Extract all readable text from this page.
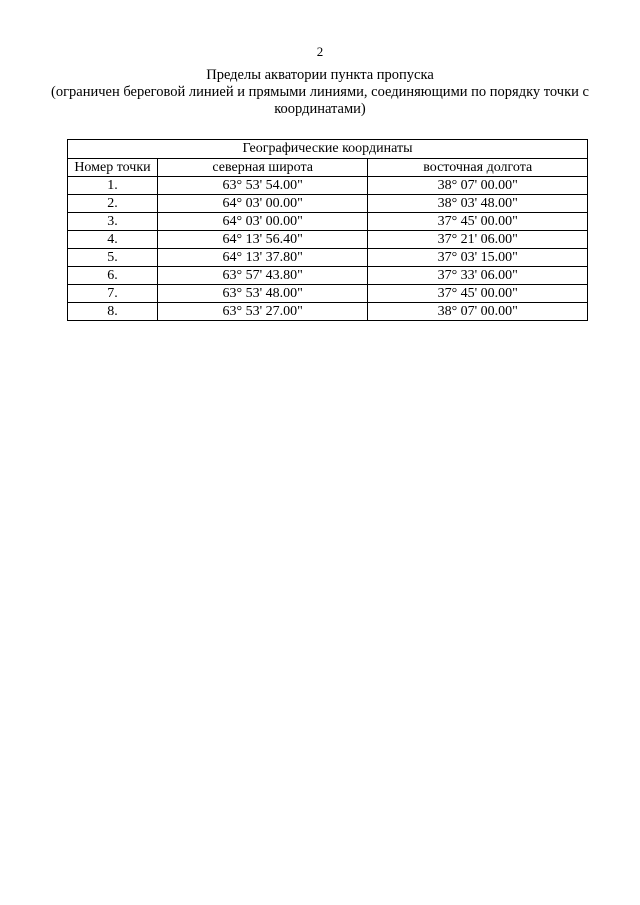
2
Пределы акватории пункта пропуска
(ограничен береговой линией и прямыми линиями, соединяющими по порядку точки с
координатами)
Географические координаты		
Номер точки	северная широта	восточная долгота
1.	63° 53' 54.00"	38° 07' 00.00"
2.	64° 03' 00.00"	38° 03' 48.00"
3.	64° 03' 00.00"	37° 45' 00.00"
4.	64° 13' 56.40"	37° 21' 06.00"
5.	64° 13' 37.80"	37° 03' 15.00"
6.	63° 57' 43.80"	37° 33' 06.00"
7.	63° 53' 48.00"	37° 45' 00.00"
8.	63° 53' 27.00"	38° 07' 00.00"
